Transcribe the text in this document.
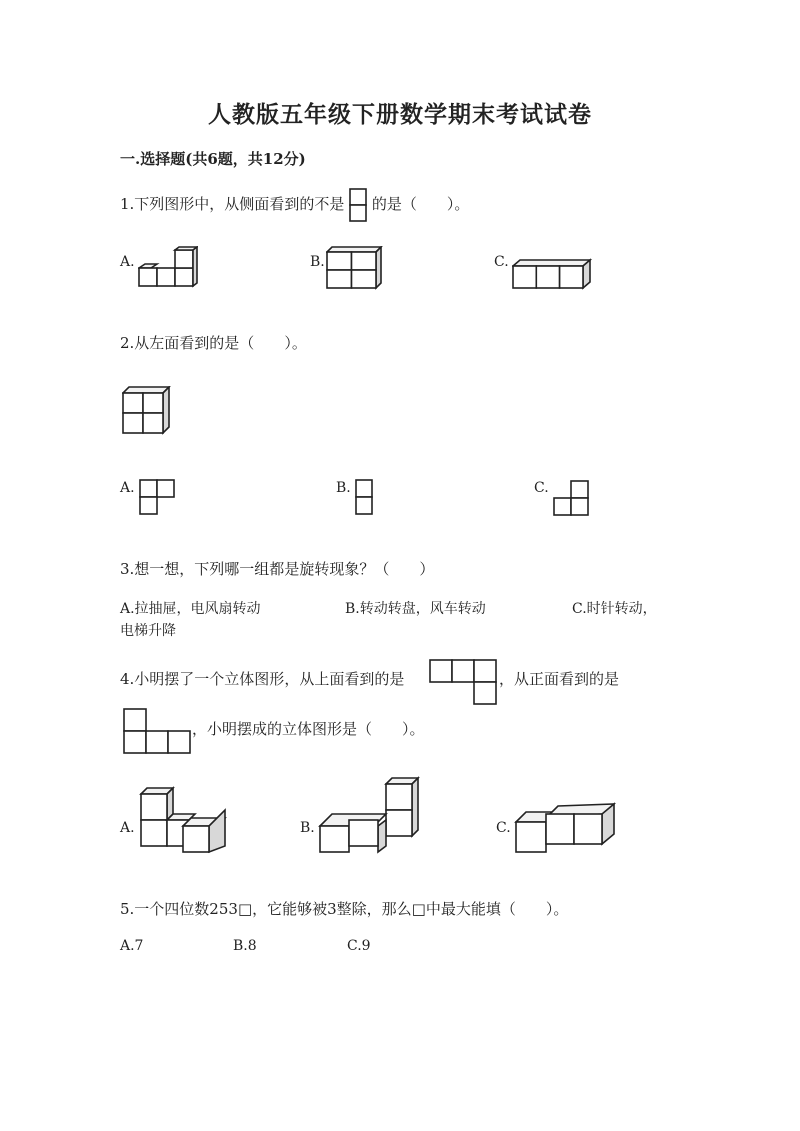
人教版五年级下册数学期末考试试卷
一.选择题(共6题，共12分)
1.下列图形中，从侧面看到的不是 的是（　　）。
A.	B.	C.
2.从左面看到的是（　　）。
A.	B.	C.
3.想一想，下列哪一组都是旋转现象？（　　）
A.拉抽屉，电风扇转动	B.转动转盘，风车转动	C.时针转动，
电梯升降
4.小明摆了一个立体图形，从上面看到的是	，从正面看到的是
，小明摆成的立体图形是（　　）。
A.	B.	C.
5.一个四位数253□，它能够被3整除，那么□中最大能填（　　）。
A.7	B.8	C.9
